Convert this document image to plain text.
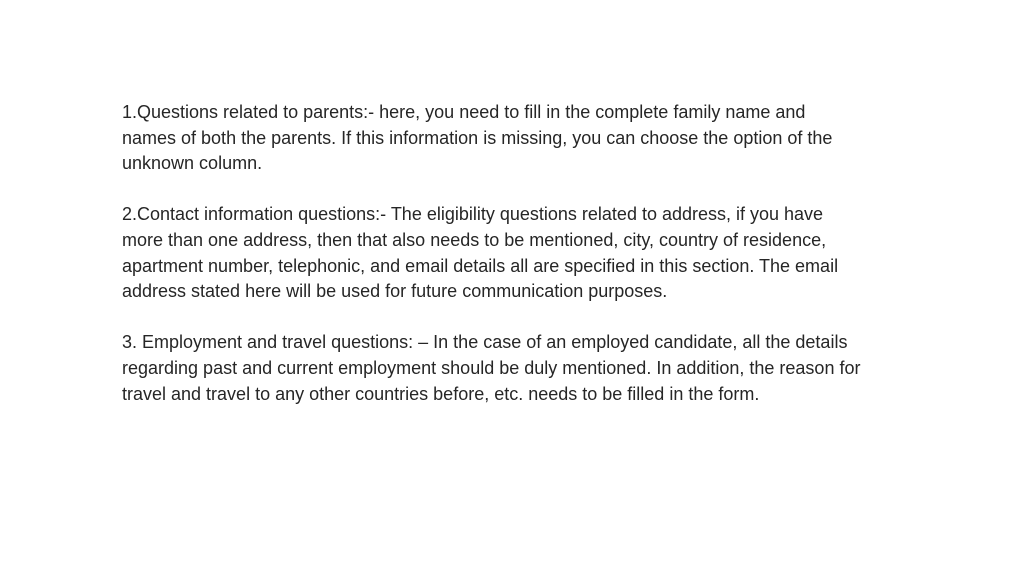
1.Questions related to parents:- here, you need to fill in the complete family name and names of both the parents. If this information is missing, you can choose the option of the unknown column.

2.Contact information questions:- The eligibility questions related to address, if you have more than one address, then that also needs to be mentioned, city, country of residence, apartment number, telephonic, and email details all are specified in this section. The email address stated here will be used for future communication purposes.

3. Employment and travel questions: – In the case of an employed candidate, all the details regarding past and current employment should be duly mentioned. In addition, the reason for travel and travel to any other countries before, etc. needs to be filled in the form.
